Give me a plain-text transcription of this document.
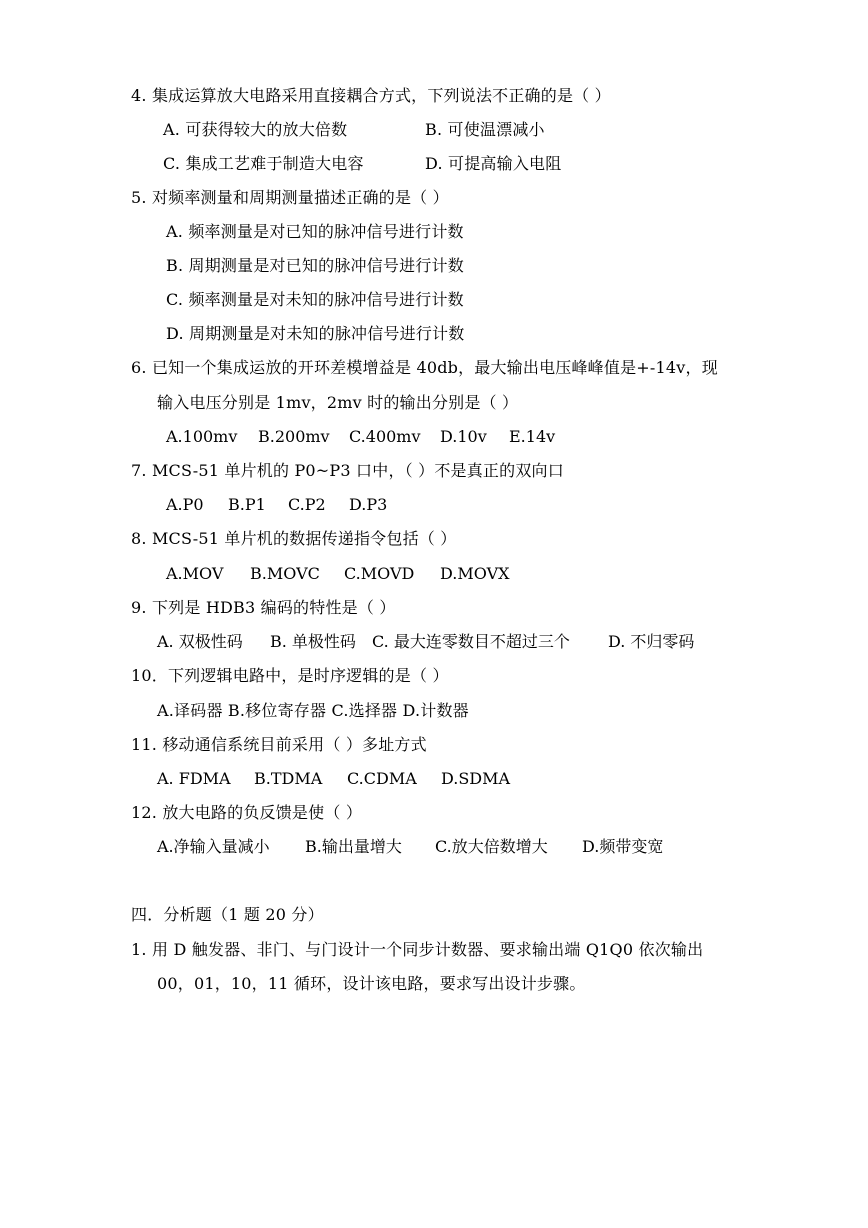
4. 集成运算放大电路采用直接耦合方式，下列说法不正确的是（ ）
A. 可获得较大的放大倍数	B. 可使温漂减小
C. 集成工艺难于制造大电容	D. 可提高输入电阻
5. 对频率测量和周期测量描述正确的是（ ）
A. 频率测量是对已知的脉冲信号进行计数
B. 周期测量是对已知的脉冲信号进行计数
C. 频率测量是对未知的脉冲信号进行计数
D. 周期测量是对未知的脉冲信号进行计数
6. 已知一个集成运放的开环差模增益是 40db，最大输出电压峰峰值是+-14v，现
输入电压分别是 1mv，2mv 时的输出分别是（ ）
A.100mv	B.200mv	C.400mv	D.10v	E.14v
7. MCS-51 单片机的 P0~P3 口中，（ ）不是真正的双向口
A.P0	B.P1	C.P2	D.P3
8. MCS-51 单片机的数据传递指令包括（ ）
A.MOV	B.MOVC	C.MOVD	D.MOVX
9. 下列是 HDB3 编码的特性是（ ）
A. 双极性码	B. 单极性码	C. 最大连零数目不超过三个	D. 不归零码
10．下列逻辑电路中，是时序逻辑的是（ ）
A.译码器 B.移位寄存器 C.选择器 D.计数器
11. 移动通信系统目前采用（ ）多址方式
A. FDMA	B.TDMA	C.CDMA	D.SDMA
12. 放大电路的负反馈是使（ ）
A.净输入量减小	B.输出量增大	C.放大倍数增大	D.频带变宽
四．分析题（1 题 20 分）
1. 用 D 触发器、非门、与门设计一个同步计数器、要求输出端 Q1Q0 依次输出
00，01，10，11 循环，设计该电路，要求写出设计步骤。
